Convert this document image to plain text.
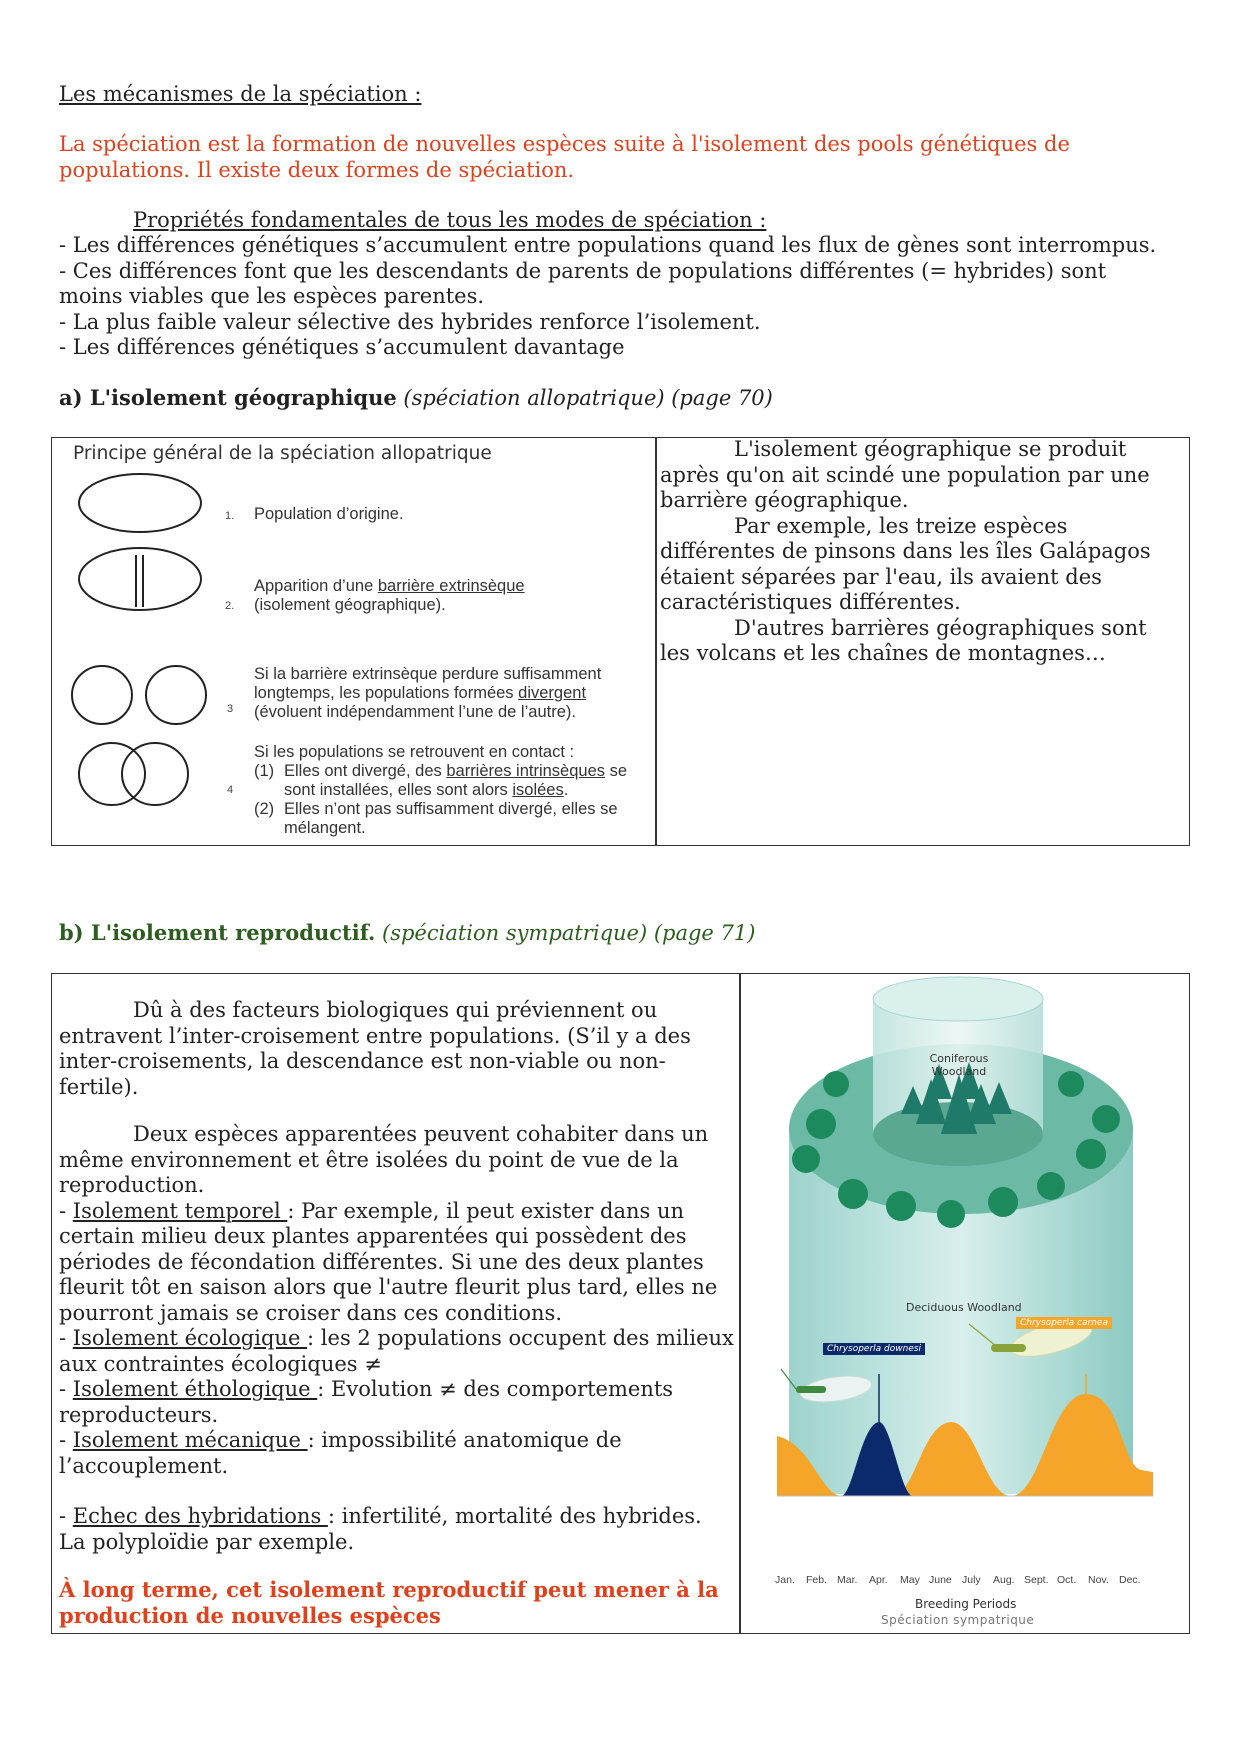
Les mécanismes de la spéciation :

La spéciation est la formation de nouvelles espèces suite à l'isolement des pools génétiques de populations. Il existe deux formes de spéciation.

Propriétés fondamentales de tous les modes de spéciation :

- Les différences génétiques s’accumulent entre populations quand les flux de gènes sont interrompus.

- Ces différences font que les descendants de parents de populations différentes (= hybrides) sont moins viables que les espèces parentes.

- La plus faible valeur sélective des hybrides renforce l’isolement.

- Les différences génétiques s’accumulent davantage

a) L'isolement géographique (spéciation allopatrique) (page 70)

Principe général de la spéciation allopatrique
1. Population d’origine.
2.
Apparition d’une barrière extrinsèque
(isolement géographique).
3
Si la barrière extrinsèque perdure suffisamment
longtemps, les populations formées divergent
(évoluent indépendamment l’une de l’autre).
4
Si les populations se retrouvent en contact :
(1) Elles ont divergé, des barrières intrinsèques se
sont installées, elles sont alors isolées.
(2) Elles n’ont pas suffisamment divergé, elles se
mélangent.

L'isolement géographique se produit après qu'on ait scindé une population par une barrière géographique.

Par exemple, les treize espèces différentes de pinsons dans les îles Galápagos étaient séparées par l'eau, ils avaient des caractéristiques différentes.

D'autres barrières géographiques sont les volcans et les chaînes de montagnes…

b) L'isolement reproductif. (spéciation sympatrique) (page 71)

Dû à des facteurs biologiques qui préviennent ou entravent l’inter-croisement entre populations. (S’il y a des inter-croisements, la descendance est non-viable ou non-fertile).

Deux espèces apparentées peuvent cohabiter dans un même environnement et être isolées du point de vue de la reproduction.

- Isolement temporel : Par exemple, il peut exister dans un certain milieu deux plantes apparentées qui possèdent des périodes de fécondation différentes. Si une des deux plantes fleurit tôt en saison alors que l'autre fleurit plus tard, elles ne pourront jamais se croiser dans ces conditions.

- Isolement écologique : les 2 populations occupent des milieux aux contraintes écologiques ≠

- Isolement éthologique : Evolution ≠ des comportements reproducteurs.

- Isolement mécanique : impossibilité anatomique de l’accouplement.

- Echec des hybridations : infertilité, mortalité des hybrides. La polyploïdie par exemple.

À long terme, cet isolement reproductif peut mener à la production de nouvelles espèces

Coniferous Woodland
Deciduous Woodland
Chrysoperla downesi
Chrysoperla carnea
Jan. Feb. Mar. Apr. May June July Aug. Sept. Oct. Nov. Dec.
Breeding Periods
Spéciation sympatrique
